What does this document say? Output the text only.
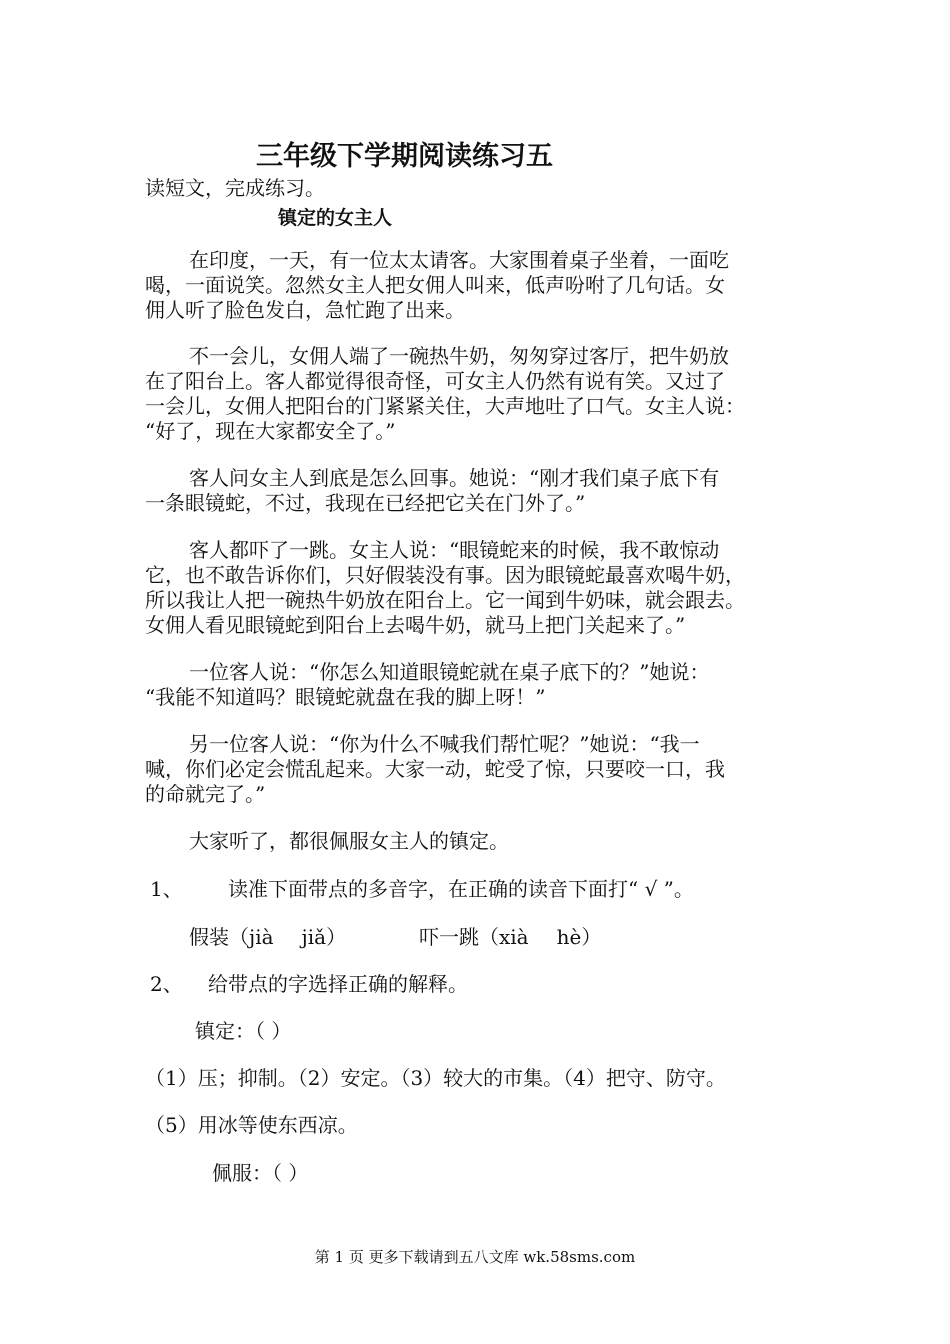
三年级下学期阅读练习五
读短文，完成练习。
镇定的女主人
在印度，一天，有一位太太请客。大家围着桌子坐着，一面吃
喝，一面说笑。忽然女主人把女佣人叫来，低声吩咐了几句话。女
佣人听了脸色发白，急忙跑了出来。
不一会儿，女佣人端了一碗热牛奶，匆匆穿过客厅，把牛奶放
在了阳台上。客人都觉得很奇怪，可女主人仍然有说有笑。又过了
一会儿，女佣人把阳台的门紧紧关住，大声地吐了口气。女主人说：
“好了，现在大家都安全了。”
客人问女主人到底是怎么回事。她说：“刚才我们桌子底下有
一条眼镜蛇，不过，我现在已经把它关在门外了。”
客人都吓了一跳。女主人说：“眼镜蛇来的时候，我不敢惊动
它，也不敢告诉你们，只好假装没有事。因为眼镜蛇最喜欢喝牛奶，
所以我让人把一碗热牛奶放在阳台上。它一闻到牛奶味，就会跟去。
女佣人看见眼镜蛇到阳台上去喝牛奶，就马上把门关起来了。”
一位客人说：“你怎么知道眼镜蛇就在桌子底下的？”她说：
“我能不知道吗？眼镜蛇就盘在我的脚上呀！”
另一位客人说：“你为什么不喊我们帮忙呢？”她说：“我一
喊，你们必定会慌乱起来。大家一动，蛇受了惊，只要咬一口，我
的命就完了。”
大家听了，都很佩服女主人的镇定。
1、 读准下面带点的多音字，在正确的读音下面打“ √ ”。
假装（jià jiǎ）	吓一跳（xià hè）
2、 给带点的字选择正确的解释。
镇定：（ ）
（1）压；抑制。（2）安定。（3）较大的市集。（4）把守、防守。
（5）用冰等使东西凉。
佩服：（ ）
第 1 页 更多下载请到五八文库 wk.58sms.com
